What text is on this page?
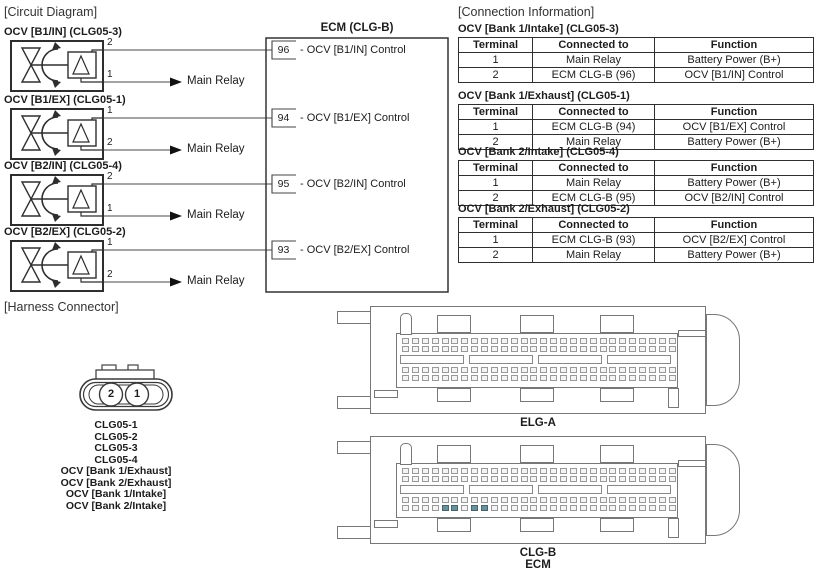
[Circuit Diagram]
OCV [B1/IN] (CLG05-3)
OCV [B1/EX] (CLG05-1)
OCV [B2/IN] (CLG05-4)
OCV [B2/EX] (CLG05-2)
2
1
1
2
2
1
1
2
Main Relay
Main Relay
Main Relay
Main Relay
ECM (CLG-B)
96 - OCV [B1/IN] Control
94 - OCV [B1/EX] Control
95 - OCV [B2/IN] Control
93 - OCV [B2/EX] Control
[Connection Information]
OCV [Bank 1/Intake] (CLG05-3)
Terminal	Connected to	Function
1	Main Relay	Battery Power (B+)
2	ECM CLG-B (96)	OCV [B1/IN] Control
OCV [Bank 1/Exhaust] (CLG05-1)
Terminal	Connected to	Function
1	ECM CLG-B (94)	OCV [B1/EX] Control
2	Main Relay	Battery Power (B+)
OCV [Bank 2/Intake] (CLG05-4)
Terminal	Connected to	Function
1	Main Relay	Battery Power (B+)
2	ECM CLG-B (95)	OCV [B2/IN] Control
OCV [Bank 2/Exhaust] (CLG05-2)
Terminal	Connected to	Function
1	ECM CLG-B (93)	OCV [B2/EX] Control
2	Main Relay	Battery Power (B+)
[Harness Connector]
2	1
CLG05-1
CLG05-2
CLG05-3
CLG05-4
OCV [Bank 1/Exhaust]
OCV [Bank 2/Exhaust]
OCV [Bank 1/Intake]
OCV [Bank 2/Intake]
ELG-A
CLG-B
ECM
